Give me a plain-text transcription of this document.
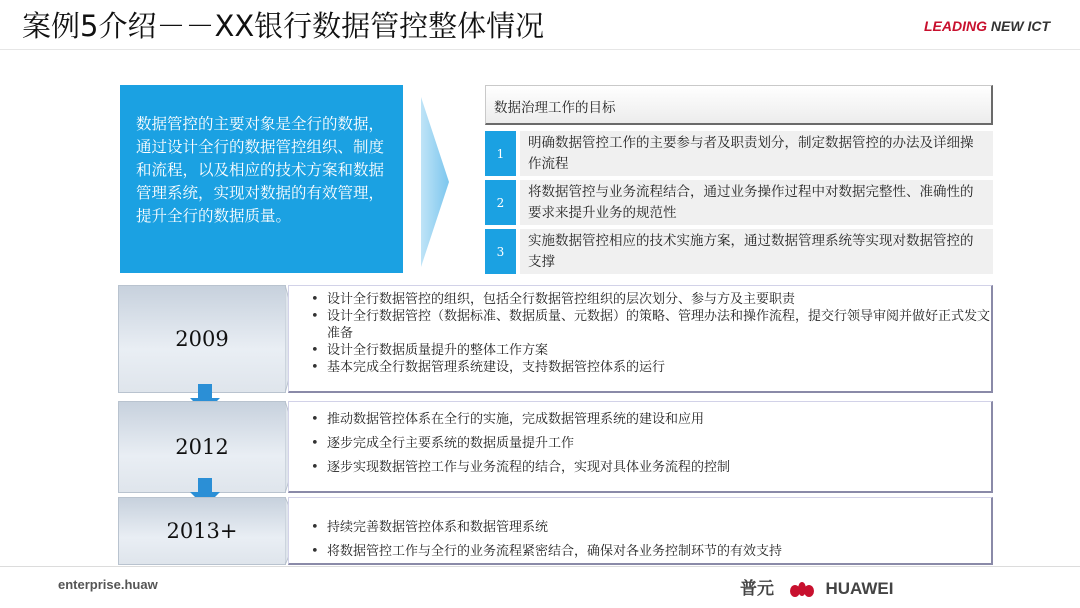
案例5介绍－－XX银行数据管控整体情况	LEADING NEW ICT
数据管控的主要对象是全行的数据，通过设计全行的数据管控组织、制度和流程，以及相应的技术方案和数据管理系统，实现对数据的有效管理，提升全行的数据质量。
数据治理工作的目标
1
明确数据管控工作的主要参与者及职责划分，制定数据管控的办法及详细操作流程
2
将数据管控与业务流程结合，通过业务操作过程中对数据完整性、准确性的要求来提升业务的规范性
3
实施数据管控相应的技术实施方案，通过数据管理系统等实现对数据管控的支撑
2009
• 设计全行数据管控的组织，包括全行数据管控组织的层次划分、参与方及主要职责
• 设计全行数据管控（数据标准、数据质量、元数据）的策略、管理办法和操作流程，提交行领导审阅并做好正式发文准备
• 设计全行数据质量提升的整体工作方案
• 基本完成全行数据管理系统建设，支持数据管控体系的运行
2012
• 推动数据管控体系在全行的实施，完成数据管理系统的建设和应用
• 逐步完成全行主要系统的数据质量提升工作
• 逐步实现数据管控工作与业务流程的结合，实现对具体业务流程的控制
2013+
•	持续完善数据管控体系和数据管理系统
• 将数据管控工作与全行的业务流程紧密结合，确保对各业务控制环节的有效支持
enterprise.huaw	普元	HUAWEI
